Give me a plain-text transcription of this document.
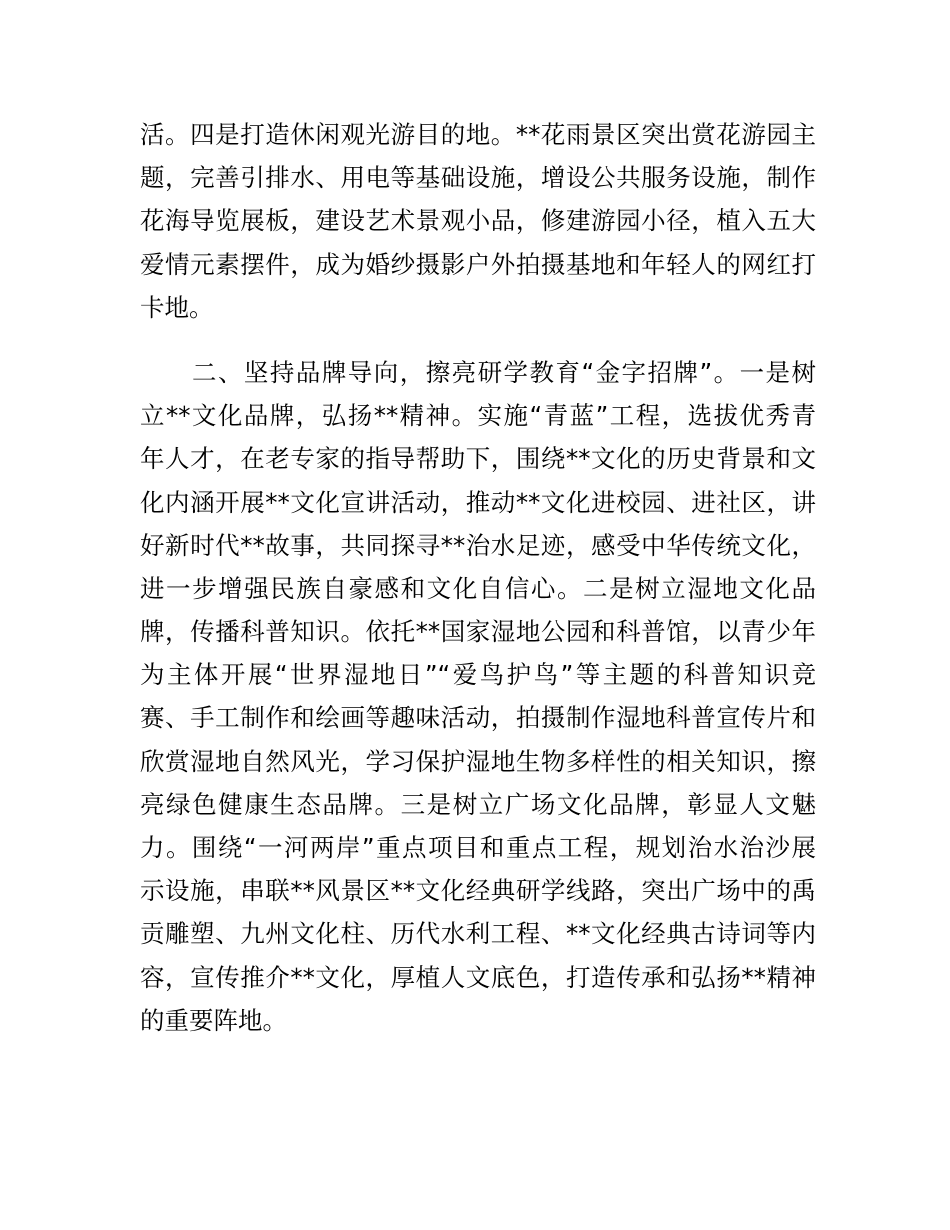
活。四是打造休闲观光游目的地。**花雨景区突出赏花游园主
题，完善引排水、用电等基础设施，增设公共服务设施，制作
花海导览展板，建设艺术景观小品，修建游园小径，植入五大
爱情元素摆件，成为婚纱摄影户外拍摄基地和年轻人的网红打
卡地。
二、坚持品牌导向，擦亮研学教育“金字招牌”。一是树
立**文化品牌，弘扬**精神。实施“青蓝”工程，选拔优秀青
年人才，在老专家的指导帮助下，围绕**文化的历史背景和文
化内涵开展**文化宣讲活动，推动**文化进校园、进社区，讲
好新时代**故事，共同探寻**治水足迹，感受中华传统文化，
进一步增强民族自豪感和文化自信心。二是树立湿地文化品
牌，传播科普知识。依托**国家湿地公园和科普馆，以青少年
为主体开展“世界湿地日”“爱鸟护鸟”等主题的科普知识竞
赛、手工制作和绘画等趣味活动，拍摄制作湿地科普宣传片和
欣赏湿地自然风光，学习保护湿地生物多样性的相关知识，擦
亮绿色健康生态品牌。三是树立广场文化品牌，彰显人文魅
力。围绕“一河两岸”重点项目和重点工程，规划治水治沙展
示设施，串联**风景区**文化经典研学线路，突出广场中的禹
贡雕塑、九州文化柱、历代水利工程、**文化经典古诗词等内
容，宣传推介**文化，厚植人文底色，打造传承和弘扬**精神
的重要阵地。
